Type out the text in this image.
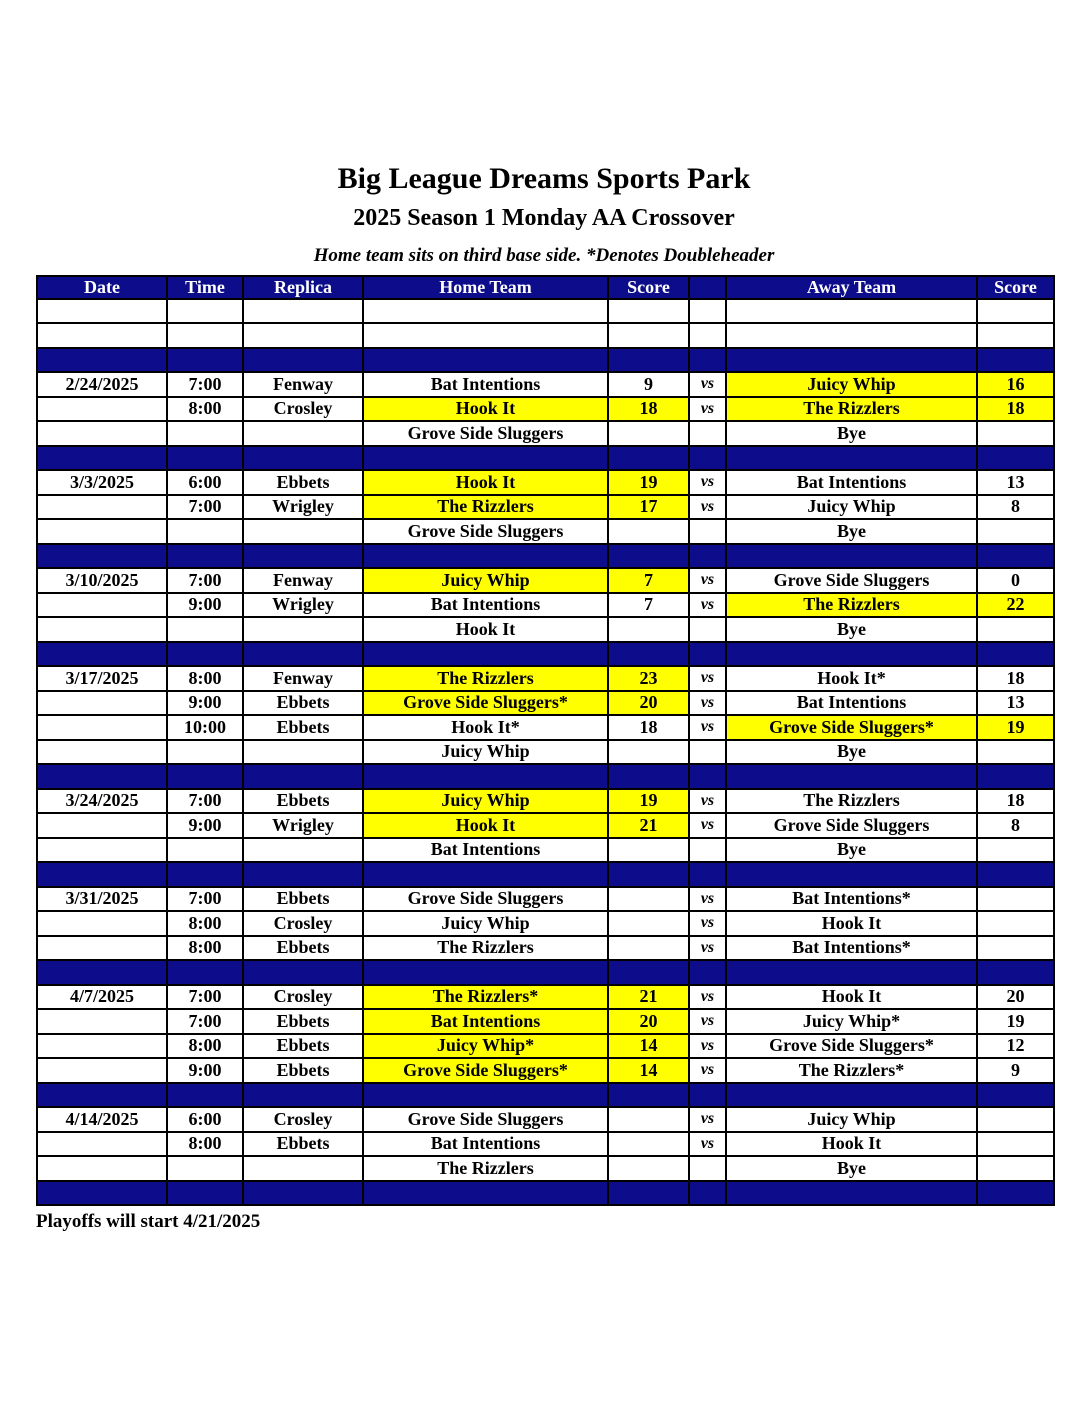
Big League Dreams Sports Park
2025 Season 1 Monday AA Crossover
Home team sits on third base side. *Denotes Doubleheader
Date	Time	Replica	Home Team	Score		Away Team	Score

2/24/2025	7:00	Fenway	Bat Intentions	9	vs	Juicy Whip	16
	8:00	Crosley	Hook It	18	vs	The Rizzlers	18
			Grove Side Sluggers			Bye	

3/3/2025	6:00	Ebbets	Hook It	19	vs	Bat Intentions	13
	7:00	Wrigley	The Rizzlers	17	vs	Juicy Whip	8
			Grove Side Sluggers			Bye	

3/10/2025	7:00	Fenway	Juicy Whip	7	vs	Grove Side Sluggers	0
	9:00	Wrigley	Bat Intentions	7	vs	The Rizzlers	22
			Hook It			Bye	

3/17/2025	8:00	Fenway	The Rizzlers	23	vs	Hook It*	18
	9:00	Ebbets	Grove Side Sluggers*	20	vs	Bat Intentions	13
	10:00	Ebbets	Hook It*	18	vs	Grove Side Sluggers*	19
			Juicy Whip			Bye	

3/24/2025	7:00	Ebbets	Juicy Whip	19	vs	The Rizzlers	18
	9:00	Wrigley	Hook It	21	vs	Grove Side Sluggers	8
			Bat Intentions			Bye	

3/31/2025	7:00	Ebbets	Grove Side Sluggers		vs	Bat Intentions*	
	8:00	Crosley	Juicy Whip		vs	Hook It	
	8:00	Ebbets	The Rizzlers		vs	Bat Intentions*	

4/7/2025	7:00	Crosley	The Rizzlers*	21	vs	Hook It	20
	7:00	Ebbets	Bat Intentions	20	vs	Juicy Whip*	19
	8:00	Ebbets	Juicy Whip*	14	vs	Grove Side Sluggers*	12
	9:00	Ebbets	Grove Side Sluggers*	14	vs	The Rizzlers*	9

4/14/2025	6:00	Crosley	Grove Side Sluggers		vs	Juicy Whip	
	8:00	Ebbets	Bat Intentions		vs	Hook It	
			The Rizzlers			Bye	

Playoffs will start 4/21/2025
